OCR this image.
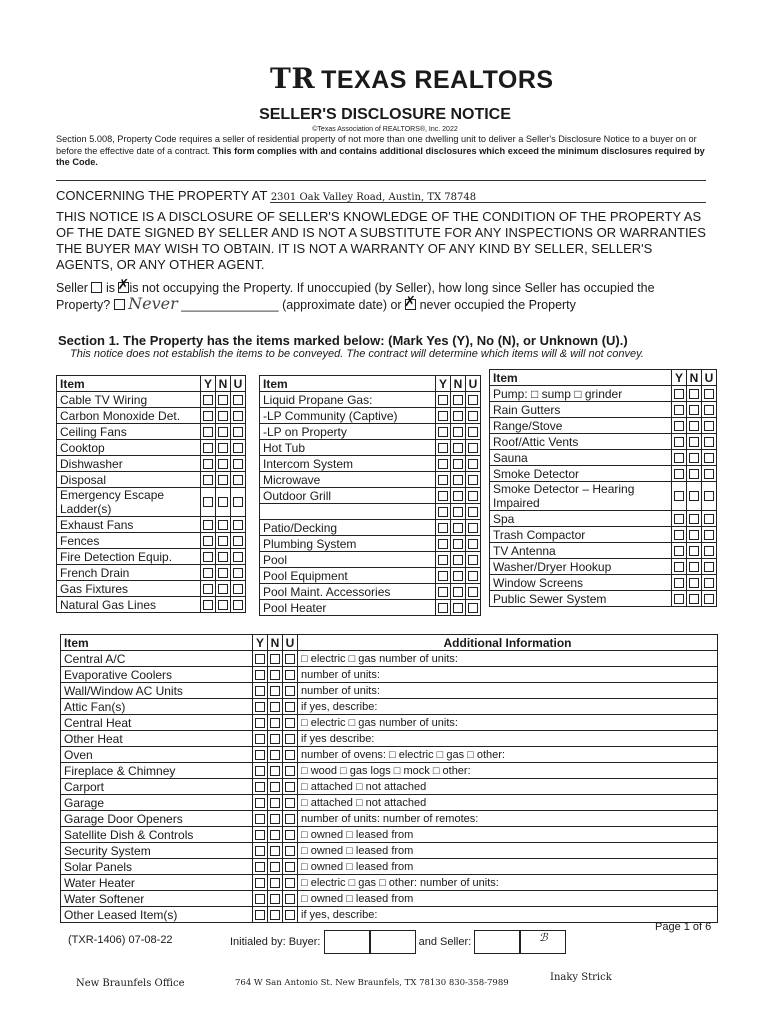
TR TEXAS REALTORS
SELLER'S DISCLOSURE NOTICE
©Texas Association of REALTORS®, Inc. 2022
Section 5.008, Property Code requires a seller of residential property of not more than one dwelling unit to deliver a Seller's Disclosure Notice to a buyer on or before the effective date of a contract. This form complies with and contains additional disclosures which exceed the minimum disclosures required by the Code.
CONCERNING THE PROPERTY AT 2301 Oak Valley Road, Austin, TX 78748
THIS NOTICE IS A DISCLOSURE OF SELLER'S KNOWLEDGE OF THE CONDITION OF THE PROPERTY AS OF THE DATE SIGNED BY SELLER AND IS NOT A SUBSTITUTE FOR ANY INSPECTIONS OR WARRANTIES THE BUYER MAY WISH TO OBTAIN. IT IS NOT A WARRANTY OF ANY KIND BY SELLER, SELLER'S AGENTS, OR ANY OTHER AGENT.
Seller is ✗ is not occupying the Property. If unoccupied (by Seller), how long since Seller has occupied the Property? Never ______________ (approximate date) or ✗ never occupied the Property
Section 1. The Property has the items marked below: (Mark Yes (Y), No (N), or Unknown (U).)
This notice does not establish the items to be conveyed. The contract will determine which items will & will not convey.
Item	Y	N	U
Cable TV Wiring			
Carbon Monoxide Det.			
Ceiling Fans			
Cooktop			
Dishwasher			
Disposal			
Emergency Escape Ladder(s)			
Exhaust Fans			
Fences			
Fire Detection Equip.			
French Drain			
Gas Fixtures			
Natural Gas Lines			
Item	Y	N	U
Liquid Propane Gas:			
-LP Community (Captive)			
-LP on Property			
Hot Tub			
Intercom System			
Microwave			
Outdoor Grill			

Patio/Decking			
Plumbing System			
Pool			
Pool Equipment			
Pool Maint. Accessories			
Pool Heater			
Item	Y	N	U
Pump: □ sump □ grinder			
Rain Gutters			
Range/Stove			
Roof/Attic Vents			
Sauna			
Smoke Detector			
Smoke Detector – Hearing Impaired			
Spa			
Trash Compactor			
TV Antenna			
Washer/Dryer Hookup			
Window Screens			
Public Sewer System			
Item	Y	N	U	Additional Information
Central A/C				□ electric □ gas number of units:
Evaporative Coolers				number of units:
Wall/Window AC Units				number of units:
Attic Fan(s)				if yes, describe:
Central Heat				□ electric □ gas number of units:
Other Heat				if yes describe:
Oven				number of ovens: □ electric □ gas □ other:
Fireplace & Chimney				□ wood □ gas logs □ mock □ other:
Carport				□ attached □ not attached
Garage				□ attached □ not attached
Garage Door Openers				number of units: number of remotes:
Satellite Dish & Controls				□ owned □ leased from
Security System				□ owned □ leased from
Solar Panels				□ owned □ leased from
Water Heater				□ electric □ gas □ other: number of units:
Water Softener				□ owned □ leased from
Other Leased Item(s)				if yes, describe:
(TXR-1406) 07-08-22	Initialed by: Buyer:	and Seller:	ℬ
Page 1 of 6
New Braunfels Office	764 W San Antonio St. New Braunfels, TX 78130 830-358-7989	Inaky Strick
